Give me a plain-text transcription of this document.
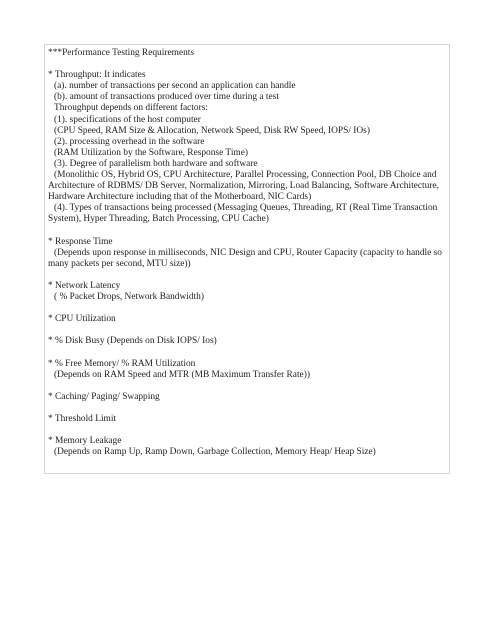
***Performance Testing Requirements
* Throughput: It indicates
(a). number of transactions per second an application can handle
(b). amount of transactions produced over time during a test
Throughput depends on different factors:
(1). specifications of the host computer
(CPU Speed, RAM Size & Allocation, Network Speed, Disk RW Speed, IOPS/ IOs)
(2). processing overhead in the software
(RAM Utilization by the Software, Response Time)
(3). Degree of parallelism both hardware and software
(Monolithic OS, Hybrid OS, CPU Architecture, Parallel Processing, Connection Pool, DB Choice and Architecture of RDBMS/ DB Server, Normalization, Mirroring, Load Balancing, Software Architecture, Hardware Architecture including that of the Motherboard, NIC Cards)
(4). Types of transactions being processed (Messaging Queues, Threading, RT (Real Time Transaction System), Hyper Threading, Batch Processing, CPU Cache)
* Response Time
(Depends upon response in milliseconds, NIC Design and CPU, Router Capacity (capacity to handle so many packets per second, MTU size))
* Network Latency
( % Packet Drops, Network Bandwidth)
* CPU Utilization
* % Disk Busy (Depends on Disk IOPS/ Ios)
* % Free Memory/ % RAM Utilization
(Depends on RAM Speed and MTR (MB Maximum Transfer Rate))
* Caching/ Paging/ Swapping
* Threshold Limit
* Memory Leakage
(Depends on Ramp Up, Ramp Down, Garbage Collection, Memory Heap/ Heap Size)
